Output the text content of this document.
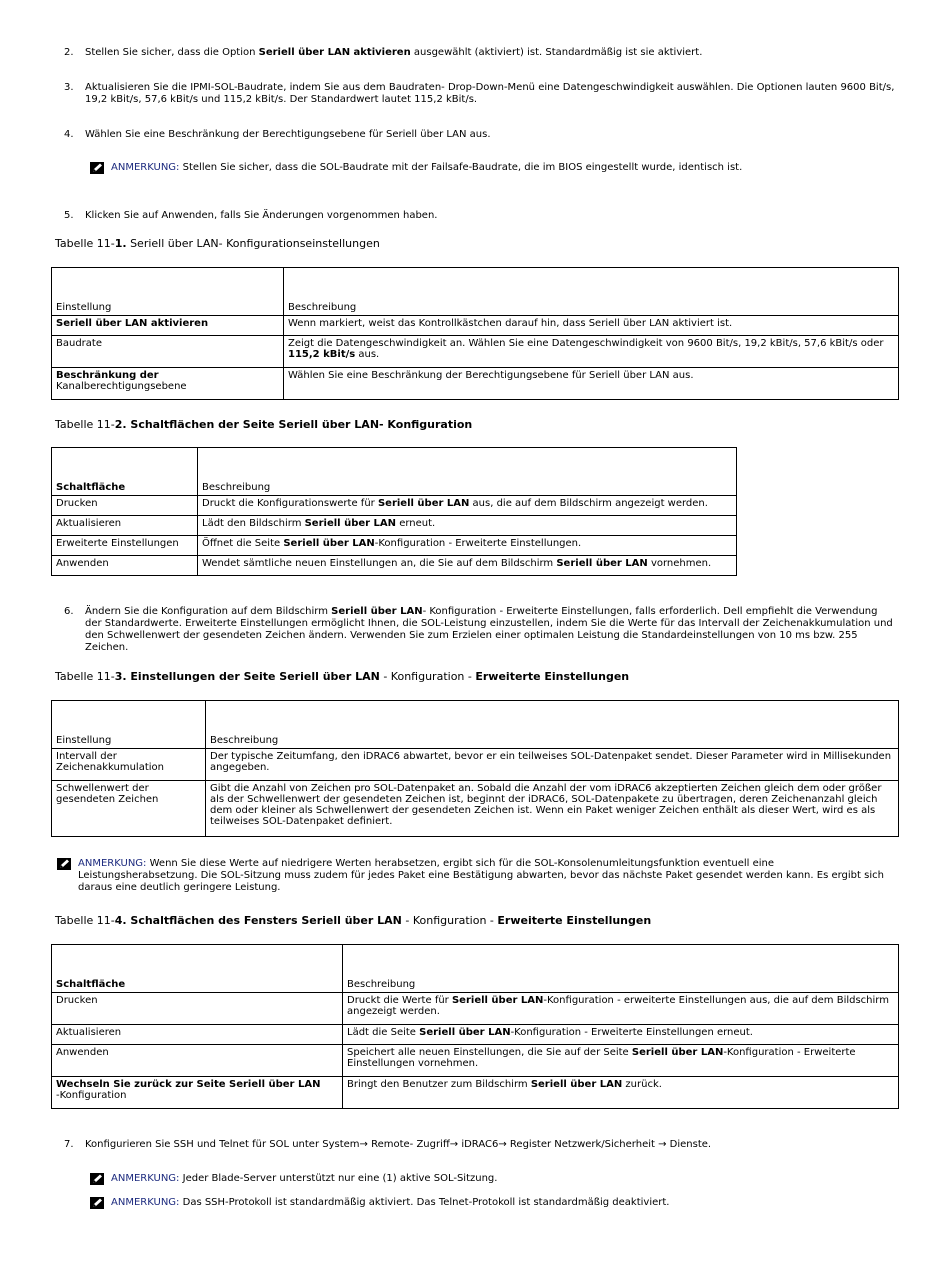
2. Stellen Sie sicher, dass die Option Seriell über LAN aktivieren ausgewählt (aktiviert) ist. Standardmäßig ist sie aktiviert.
3. Aktualisieren Sie die IPMI-SOL-Baudrate, indem Sie aus dem Baudraten- Drop-Down-Menü eine Datengeschwindigkeit auswählen. Die Optionen lauten 9600 Bit/s, 19,2 kBit/s, 57,6 kBit/s und 115,2 kBit/s. Der Standardwert lautet 115,2 kBit/s.
4. Wählen Sie eine Beschränkung der Berechtigungsebene für Seriell über LAN aus.
ANMERKUNG: Stellen Sie sicher, dass die SOL-Baudrate mit der Failsafe-Baudrate, die im BIOS eingestellt wurde, identisch ist.
5. Klicken Sie auf Anwenden, falls Sie Änderungen vorgenommen haben.
Tabelle 11-1. Seriell über LAN- Konfigurationseinstellungen
Einstellung	Beschreibung
Seriell über LAN aktivieren	Wenn markiert, weist das Kontrollkästchen darauf hin, dass Seriell über LAN aktiviert ist.
Baudrate	Zeigt die Datengeschwindigkeit an. Wählen Sie eine Datengeschwindigkeit von 9600 Bit/s, 19,2 kBit/s, 57,6 kBit/s oder 115,2 kBit/s aus.
Beschränkung der
Kanalberechtigungsebene	Wählen Sie eine Beschränkung der Berechtigungsebene für Seriell über LAN aus.
Tabelle 11-2. Schaltflächen der Seite Seriell über LAN- Konfiguration
Schaltfläche	Beschreibung
Drucken	Druckt die Konfigurationswerte für Seriell über LAN aus, die auf dem Bildschirm angezeigt werden.
Aktualisieren	Lädt den Bildschirm Seriell über LAN erneut.
Erweiterte Einstellungen	Öffnet die Seite Seriell über LAN-Konfiguration - Erweiterte Einstellungen.
Anwenden	Wendet sämtliche neuen Einstellungen an, die Sie auf dem Bildschirm Seriell über LAN vornehmen.
6. Ändern Sie die Konfiguration auf dem Bildschirm Seriell über LAN- Konfiguration - Erweiterte Einstellungen, falls erforderlich. Dell empfiehlt die Verwendung der Standardwerte. Erweiterte Einstellungen ermöglicht Ihnen, die SOL-Leistung einzustellen, indem Sie die Werte für das Intervall der Zeichenakkumulation und den Schwellenwert der gesendeten Zeichen ändern. Verwenden Sie zum Erzielen einer optimalen Leistung die Standardeinstellungen von 10 ms bzw. 255 Zeichen.
Tabelle 11-3. Einstellungen der Seite Seriell über LAN - Konfiguration - Erweiterte Einstellungen
Einstellung	Beschreibung
Intervall der Zeichenakkumulation	Der typische Zeitumfang, den iDRAC6 abwartet, bevor er ein teilweises SOL-Datenpaket sendet. Dieser Parameter wird in Millisekunden angegeben.
Schwellenwert der gesendeten Zeichen	Gibt die Anzahl von Zeichen pro SOL-Datenpaket an. Sobald die Anzahl der vom iDRAC6 akzeptierten Zeichen gleich dem oder größer als der Schwellenwert der gesendeten Zeichen ist, beginnt der iDRAC6, SOL-Datenpakete zu übertragen, deren Zeichenanzahl gleich dem oder kleiner als Schwellenwert der gesendeten Zeichen ist. Wenn ein Paket weniger Zeichen enthält als dieser Wert, wird es als teilweises SOL-Datenpaket definiert.
ANMERKUNG: Wenn Sie diese Werte auf niedrigere Werten herabsetzen, ergibt sich für die SOL-Konsolenumleitungsfunktion eventuell eine Leistungsherabsetzung. Die SOL-Sitzung muss zudem für jedes Paket eine Bestätigung abwarten, bevor das nächste Paket gesendet werden kann. Es ergibt sich daraus eine deutlich geringere Leistung.
Tabelle 11-4. Schaltflächen des Fensters Seriell über LAN - Konfiguration - Erweiterte Einstellungen
Schaltfläche	Beschreibung
Drucken	Druckt die Werte für Seriell über LAN-Konfiguration - erweiterte Einstellungen aus, die auf dem Bildschirm angezeigt werden.
Aktualisieren	Lädt die Seite Seriell über LAN-Konfiguration - Erweiterte Einstellungen erneut.
Anwenden	Speichert alle neuen Einstellungen, die Sie auf der Seite Seriell über LAN-Konfiguration - Erweiterte Einstellungen vornehmen.
Wechseln Sie zurück zur Seite Seriell über LAN
-Konfiguration	Bringt den Benutzer zum Bildschirm Seriell über LAN zurück.
7. Konfigurieren Sie SSH und Telnet für SOL unter System→ Remote- Zugriff→ iDRAC6→ Register Netzwerk/Sicherheit → Dienste.
ANMERKUNG: Jeder Blade-Server unterstützt nur eine (1) aktive SOL-Sitzung.
ANMERKUNG: Das SSH-Protokoll ist standardmäßig aktiviert. Das Telnet-Protokoll ist standardmäßig deaktiviert.
